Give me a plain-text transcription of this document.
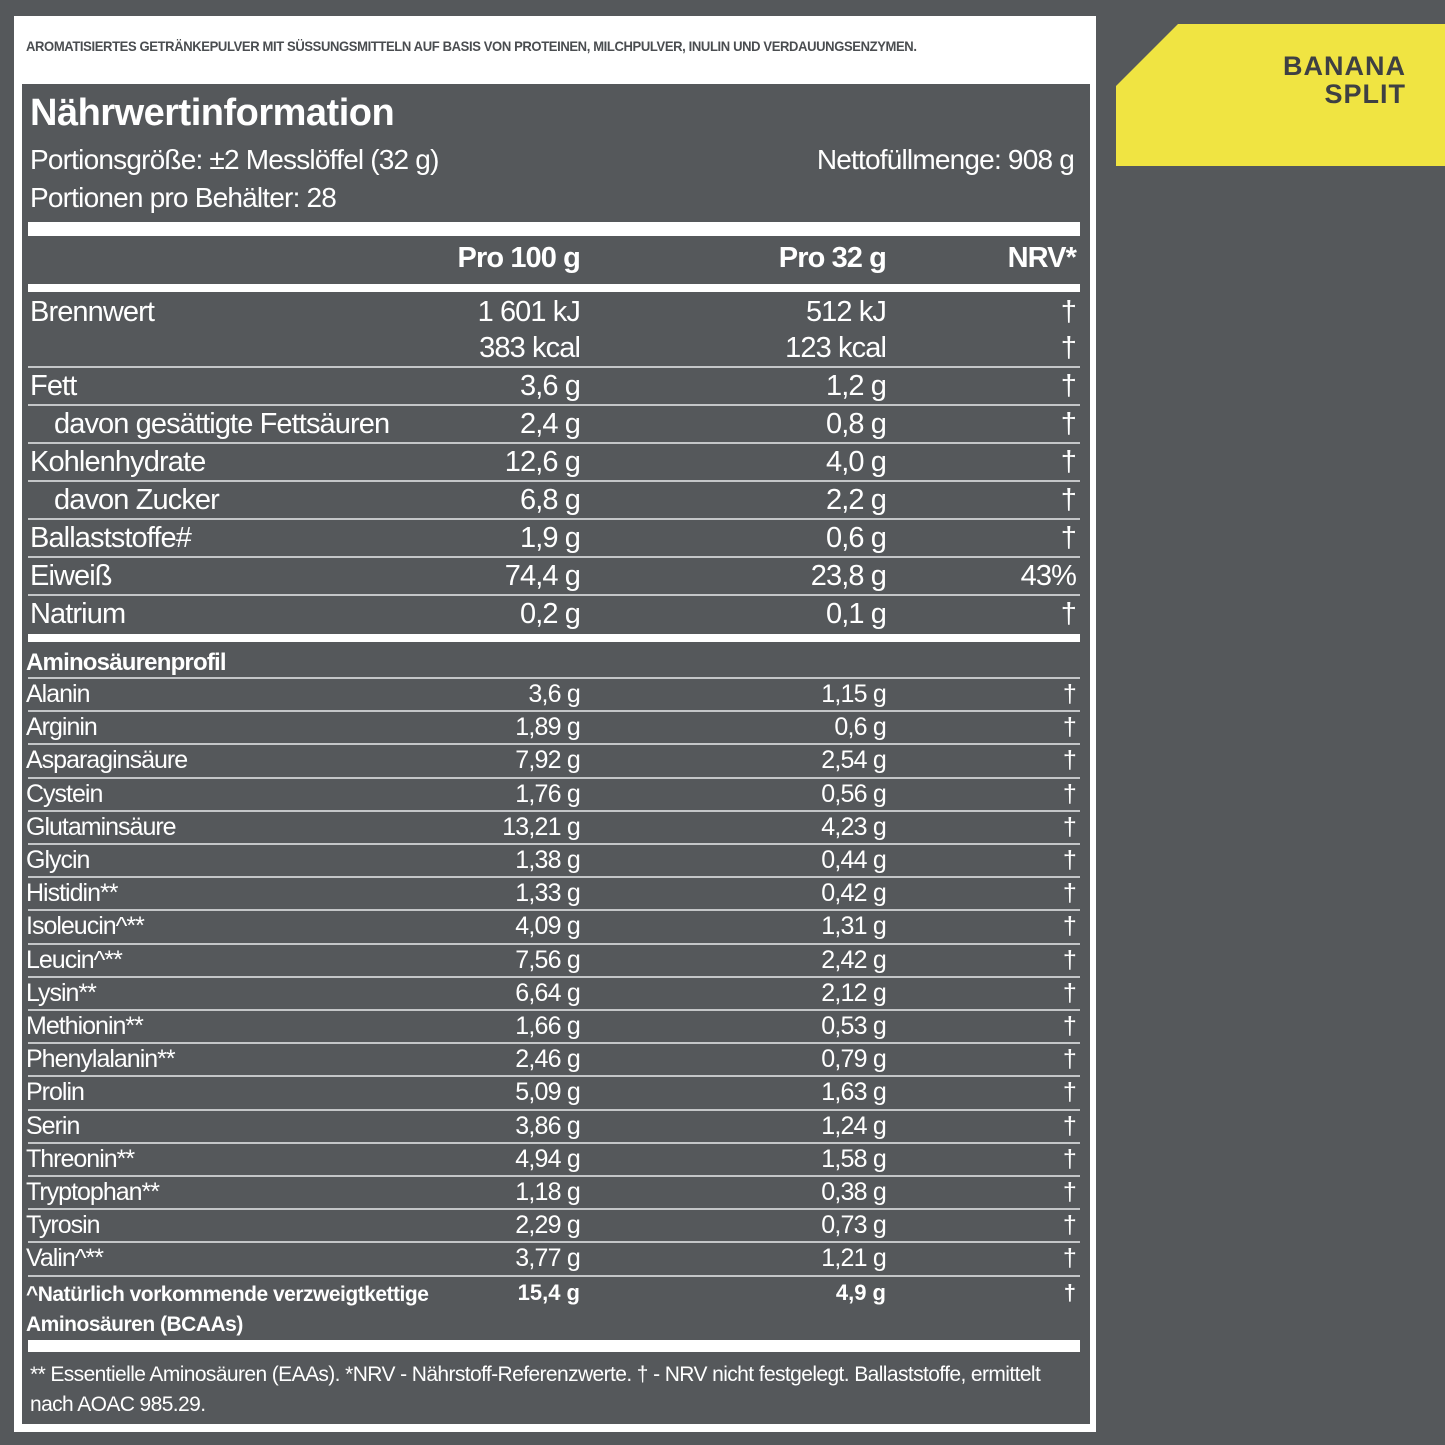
AROMATISIERTES GETRÄNKEPULVER MIT SÜSSUNGSMITTELN AUF BASIS VON PROTEINEN, MILCHPULVER, INULIN UND VERDAUUNGSENZYMEN.
Nährwertinformation
Portionsgröße: ±2 Messlöffel (32 g)	Nettofüllmenge: 908 g
Portionen pro Behälter: 28
Pro 100 g	Pro 32 g	NRV*
Brennwert	1 601 kJ	512 kJ	†
383 kcal	123 kcal	†
Fett	3,6 g	1,2 g	†
davon gesättigte Fettsäuren	2,4 g	0,8 g	†
Kohlenhydrate	12,6 g	4,0 g	†
davon Zucker	6,8 g	2,2 g	†
Ballaststoffe#	1,9 g	0,6 g	†
Eiweiß	74,4 g	23,8 g	43%
Natrium	0,2 g	0,1 g	†
Aminosäurenprofil
Alanin	3,6 g	1,15 g	†
Arginin	1,89 g	0,6 g	†
Asparaginsäure	7,92 g	2,54 g	†
Cystein	1,76 g	0,56 g	†
Glutaminsäure	13,21 g	4,23 g	†
Glycin	1,38 g	0,44 g	†
Histidin**	1,33 g	0,42 g	†
Isoleucin^**	4,09 g	1,31 g	†
Leucin^**	7,56 g	2,42 g	†
Lysin**	6,64 g	2,12 g	†
Methionin**	1,66 g	0,53 g	†
Phenylalanin**	2,46 g	0,79 g	†
Prolin	5,09 g	1,63 g	†
Serin	3,86 g	1,24 g	†
Threonin**	4,94 g	1,58 g	†
Tryptophan**	1,18 g	0,38 g	†
Tyrosin	2,29 g	0,73 g	†
Valin^**	3,77 g	1,21 g	†
^Natürlich vorkommende verzweigtkettige Aminosäuren (BCAAs)
15,4 g	4,9 g	†
** Essentielle Aminosäuren (EAAs). *NRV - Nährstoff-Referenzwerte. † - NRV nicht festgelegt. Ballaststoffe, ermittelt nach AOAC 985.29.
BANANA
SPLIT
